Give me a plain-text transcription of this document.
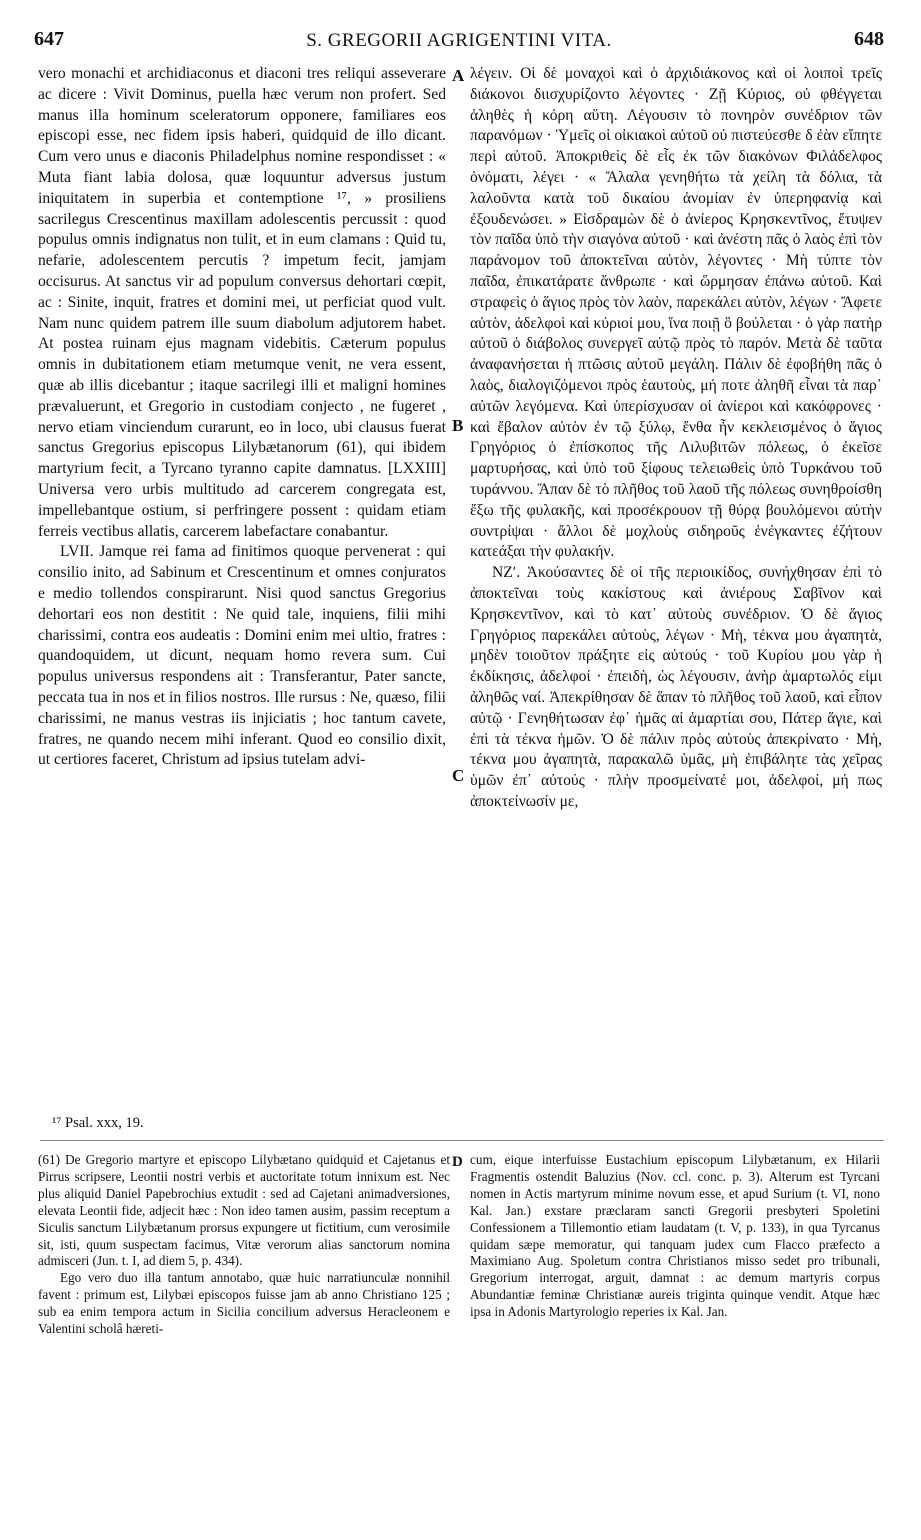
647	S. GREGORII AGRIGENTINI VITA.	648

vero monachi et archidiaconus et diaconi tres reliqui asseverare ac dicere : Vivit Dominus, puella hæc verum non profert. Sed manus illa hominum sceleratorum opponere, familiares eos episcopi esse, nec fidem ipsis haberi, quidquid de illo dicant. Cum vero unus e diaconis Philadelphus nomine respondisset : « Muta fiant labia dolosa, quæ loquuntur adversus justum iniquitatem in superbia et contemptione ¹⁷, » prosiliens sacrilegus Crescentinus maxillam adolescentis percussit : quod populus omnis indignatus non tulit, et in eum clamans : Quid tu, nefarie, adolescentem percutis ? impetum fecit, jamjam occisurus. At sanctus vir ad populum conversus dehortari cœpit, ac : Sinite, inquit, fratres et domini mei, ut perficiat quod vult. Nam nunc quidem patrem ille suum diabolum adjutorem habet. At postea ruinam ejus magnam videbitis. Cæterum populus omnis in dubitationem etiam metumque venit, ne vera essent, quæ ab illis dicebantur ; itaque sacrilegi illi et maligni homines prævaluerunt, et Gregorio in custodiam conjecto , ne fugeret , nervo etiam vinciendum curarunt, eo in loco, ubi clausus fuerat sanctus Gregorius episcopus Lilybætanorum (61), qui ibidem martyrium fecit, a Tyrcano tyranno capite damnatus. [LXXIII] Universa vero urbis multitudo ad carcerem congregata est, impellebantque ostium, si perfringere possent : quidam etiam ferreis vectibus allatis, carcerem labefactare conabantur.

LVII. Jamque rei fama ad finitimos quoque pervenerat : qui consilio inito, ad Sabinum et Crescentinum et omnes conjuratos e medio tollendos conspirarunt. Nisi quod sanctus Gregorius dehortari eos non destitit : Ne quid tale, inquiens, filii mihi charissimi, contra eos audeatis : Domini enim mei ultio, fratres : quandoquidem, ut dicunt, nequam homo revera sum. Cui populus universus respondens ait : Transferantur, Pater sancte, peccata tua in nos et in filios nostros. Ille rursus : Ne, quæso, filii charissimi, ne manus vestras iis injiciatis ; hoc tantum cavete, fratres, ne quando necem mihi inferant. Quod eo consilio dixit, ut certiores faceret, Christum ad ipsius tutelam advi-

λέγειν. Οἱ δὲ μοναχοὶ καὶ ὁ ἀρχιδιάκονος καὶ οἱ λοιποὶ τρεῖς διάκονοι διισχυρίζοντο λέγοντες · Ζῇ Κύριος, οὐ φθέγγεται ἀληθὲς ἡ κόρη αὕτη. Λέγουσιν τὸ πονηρὸν συνέδριον τῶν παρανόμων · Ὑμεῖς οἱ οἰκιακοὶ αὐτοῦ οὐ πιστεύεσθε δ ἐὰν εἴπητε περὶ αὐτοῦ. Ἀποκριθεὶς δὲ εἷς ἐκ τῶν διακόνων Φιλάδελφος ὀνόματι, λέγει · « Ἄλαλα γενηθήτω τὰ χείλη τὰ δόλια, τὰ λαλοῦντα κατὰ τοῦ δικαίου ἀνομίαν ἐν ὑπερηφανίᾳ καὶ ἐξουδενώσει. » Εἰσδραμὼν δὲ ὁ ἀνίερος Κρησκεντῖνος, ἔτυψεν τὸν παῖδα ὑπὸ τὴν σιαγόνα αὐτοῦ · καὶ ἀνέστη πᾶς ὁ λαὸς ἐπὶ τὸν παράνομον τοῦ ἀποκτεῖναι αὐτὸν, λέγοντες · Μὴ τύπτε τὸν παῖδα, ἐπικατάρατε ἄνθρωπε · καὶ ὥρμησαν ἐπάνω αὐτοῦ. Καὶ στραφεὶς ὁ ἅγιος πρὸς τὸν λαὸν, παρεκάλει αὐτὸν, λέγων · Ἄφετε αὐτὸν, ἀδελφοὶ καὶ κύριοί μου, ἵνα ποιῇ ὃ βούλεται · ὁ γὰρ πατὴρ αὐτοῦ ὁ διάβολος συνεργεῖ αὐτῷ πρὸς τὸ παρόν. Μετὰ δὲ ταῦτα ἀναφανήσεται ἡ πτῶσις αὐτοῦ μεγάλη. Πάλιν δὲ ἐφοβήθη πᾶς ὁ λαὸς, διαλογιζόμενοι πρὸς ἑαυτοὺς, μή ποτε ἀληθῆ εἶναι τὰ παρ᾽ αὐτῶν λεγόμενα. Καὶ ὑπερίσχυσαν οἱ ἀνίεροι καὶ κακόφρονες · καὶ ἔβαλον αὐτὸν ἐν τῷ ξύλῳ, ἔνθα ἦν κεκλεισμένος ὁ ἅγιος Γρηγόριος ὁ ἐπίσκοπος τῆς Λιλυβιτῶν πόλεως, ὁ ἐκεῖσε μαρτυρήσας, καὶ ὑπὸ τοῦ ξίφους τελειωθεὶς ὑπὸ Τυρκάνου τοῦ τυράννου. Ἅπαν δὲ τὸ πλῆθος τοῦ λαοῦ τῆς πόλεως συνηθροίσθη ἔξω τῆς φυλακῆς, καὶ προσέκρουον τῇ θύρᾳ βουλόμενοι αὐτὴν συντρίψαι · ἄλλοι δὲ μοχλοὺς σιδηροῦς ἐνέγκαντες ἐζήτουν κατεάξαι τὴν φυλακήν.

ΝΖʹ. Ἀκούσαντες δὲ οἱ τῆς περιοικίδος, συνήχθησαν ἐπὶ τὸ ἀποκτεῖναι τοὺς κακίστους καὶ ἀνιέρους Σαβῖνον καὶ Κρησκεντῖνον, καὶ τὸ κατ᾽ αὐτοὺς συνέδριον. Ὁ δὲ ἅγιος Γρηγόριος παρεκάλει αὐτοὺς, λέγων · Μὴ, τέκνα μου ἀγαπητὰ, μηδὲν τοιοῦτον πράξητε εἰς αὐτούς · τοῦ Κυρίου μου γὰρ ἡ ἐκδίκησις, ἀδελφοί · ἐπειδὴ, ὡς λέγουσιν, ἀνὴρ ἁμαρτωλός εἰμι ἀληθῶς ναί. Ἀπεκρίθησαν δὲ ἅπαν τὸ πλῆθος τοῦ λαοῦ, καὶ εἶπον αὐτῷ · Γενηθήτωσαν ἐφ᾽ ἡμᾶς αἱ ἁμαρτίαι σου, Πάτερ ἅγιε, καὶ ἐπὶ τὰ τέκνα ἡμῶν. Ὁ δὲ πάλιν πρὸς αὐτοὺς ἀπεκρίνατο · Μὴ, τέκνα μου ἀγαπητὰ, παρακαλῶ ὑμᾶς, μὴ ἐπιβάλητε τὰς χεῖρας ὑμῶν ἐπ᾽ αὐτούς · πλὴν προσμείνατέ μοι, ἀδελφοί, μή πως ἀποκτείνωσίν με,

A
B
C
¹⁷ Psal. xxx, 19.

(61) De Gregorio martyre et episcopo Lilybætano quidquid et Cajetanus et Pirrus scripsere, Leontii nostri verbis et auctoritate totum innixum est. Nec plus aliquid Daniel Papebrochius extudit : sed ad Cajetani animadversiones, elevata Leontii fide, adjecit hæc : Non ideo tamen ausim, passim receptum a Siculis sanctum Lilybætanum prorsus expungere ut fictitium, cum verosimile sit, isti, quum suspectam facimus, Vitæ verorum alias sanctorum nomina admisceri (Jun. t. I, ad diem 5, p. 434).

Ego vero duo illa tantum annotabo, quæ huic narratiunculæ nonnihil favent : primum est, Lilybæi episcopos fuisse jam ab anno Christiano 125 ; sub ea enim tempora actum in Sicilia concilium adversus Heracleonem e Valentini scholâ hæreti-

D cum, eique interfuisse Eustachium episcopum Lilybætanum, ex Hilarii Fragmentis ostendit Baluzius (Nov. ccl. conc. p. 3). Alterum est Tyrcani nomen in Actis martyrum minime novum esse, et apud Surium (t. VI, nono Kal. Jan.) exstare præclaram sancti Gregorii presbyteri Spoletini Confessionem a Tillemontio etiam laudatam (t. V, p. 133), in qua Tyrcanus quidam sæpe memoratur, qui tanquam judex cum Flacco præfecto a Maximiano Aug. Spoletum contra Christianos misso sedet pro tribunali, Gregorium interrogat, arguit, damnat : ac demum martyris corpus Abundantiæ feminæ Christianæ aureis triginta quinque vendit. Atque hæc ipsa in Adonis Martyrologio reperies ix Kal. Jan.
